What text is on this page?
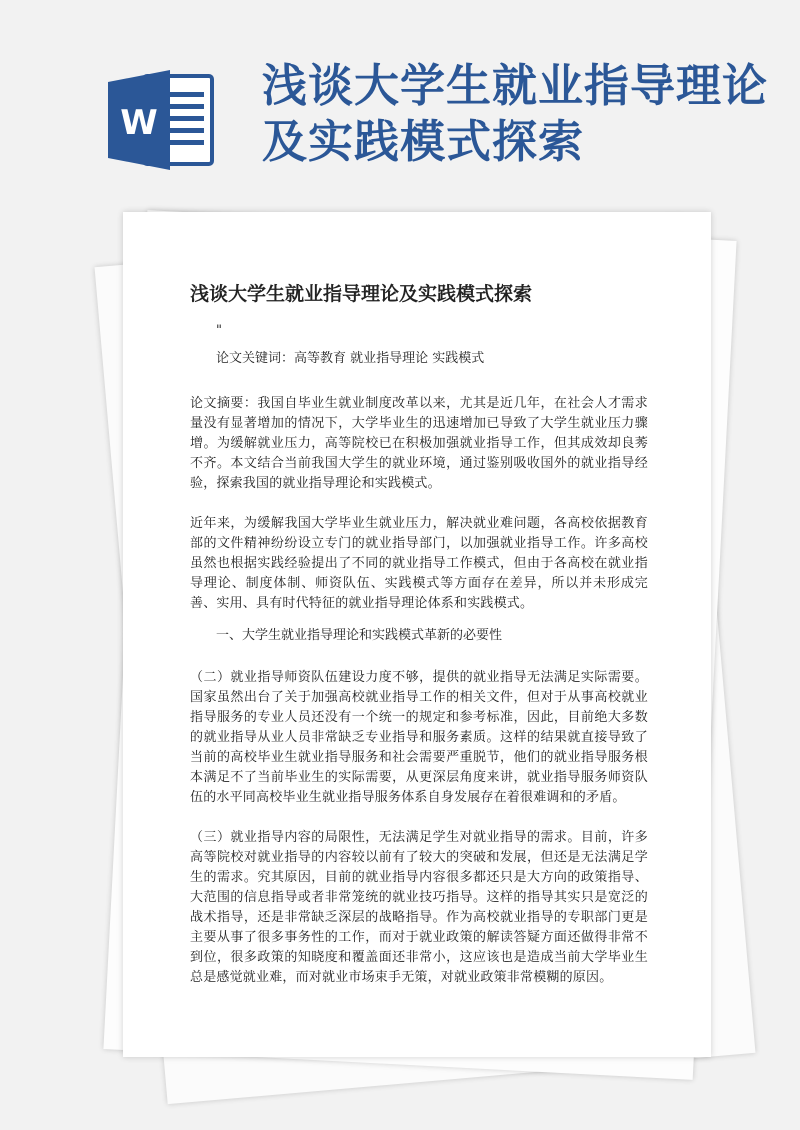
W
浅谈大学生就业指导理论及实践模式探索
浅谈大学生就业指导理论及实践模式探索
"
论文关键词：高等教育 就业指导理论 实践模式
论文摘要：我国自毕业生就业制度改革以来，尤其是近几年，在社会人才需求量没有显著增加的情况下，大学毕业生的迅速增加已导致了大学生就业压力骤增。为缓解就业压力，高等院校已在积极加强就业指导工作，但其成效却良莠不齐。本文结合当前我国大学生的就业环境，通过鉴别吸收国外的就业指导经验，探索我国的就业指导理论和实践模式。
近年来，为缓解我国大学毕业生就业压力，解决就业难问题，各高校依据教育部的文件精神纷纷设立专门的就业指导部门，以加强就业指导工作。许多高校虽然也根据实践经验提出了不同的就业指导工作模式，但由于各高校在就业指导理论、制度体制、师资队伍、实践模式等方面存在差异，所以并未形成完善、实用、具有时代特征的就业指导理论体系和实践模式。
一、大学生就业指导理论和实践模式革新的必要性
（二）就业指导师资队伍建设力度不够，提供的就业指导无法满足实际需要。国家虽然出台了关于加强高校就业指导工作的相关文件，但对于从事高校就业指导服务的专业人员还没有一个统一的规定和参考标准，因此，目前绝大多数的就业指导从业人员非常缺乏专业指导和服务素质。这样的结果就直接导致了当前的高校毕业生就业指导服务和社会需要严重脱节，他们的就业指导服务根本满足不了当前毕业生的实际需要，从更深层角度来讲，就业指导服务师资队伍的水平同高校毕业生就业指导服务体系自身发展存在着很难调和的矛盾。
（三）就业指导内容的局限性，无法满足学生对就业指导的需求。目前，许多高等院校对就业指导的内容较以前有了较大的突破和发展，但还是无法满足学生的需求。究其原因，目前的就业指导内容很多都还只是大方向的政策指导、大范围的信息指导或者非常笼统的就业技巧指导。这样的指导其实只是宽泛的战术指导，还是非常缺乏深层的战略指导。作为高校就业指导的专职部门更是主要从事了很多事务性的工作，而对于就业政策的解读答疑方面还做得非常不到位，很多政策的知晓度和覆盖面还非常小，这应该也是造成当前大学毕业生总是感觉就业难，而对就业市场束手无策，对就业政策非常模糊的原因。
